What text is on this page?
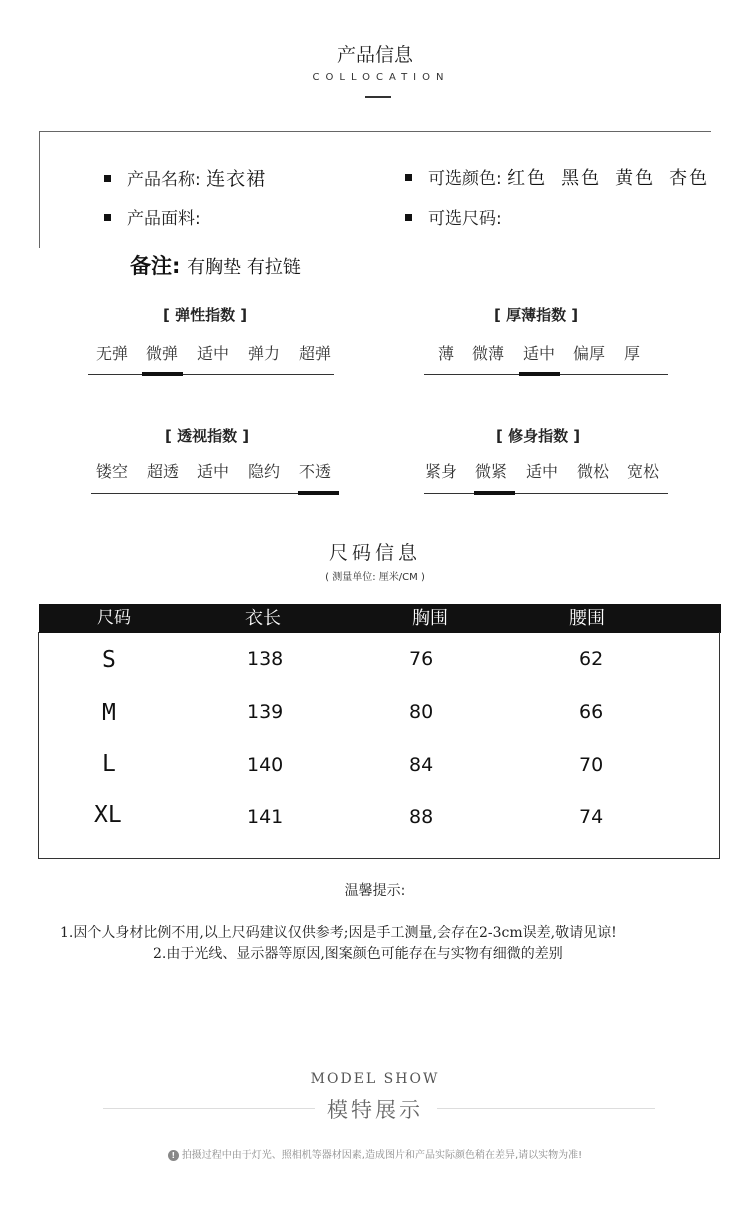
产品信息
COLLOCATION
产品名称: 连衣裙	可选颜色: 红色 黑色 黄色 杏色
产品面料:	可选尺码:
备注: 有胸垫 有拉链
[ 弹性指数 ]
无弹 微弹 适中 弹力 超弹
[ 厚薄指数 ]
薄 微薄 适中 偏厚 厚
[ 透视指数 ]
镂空 超透 适中 隐约 不透
[ 修身指数 ]
紧身 微紧 适中 微松 宽松
尺码信息
( 测量单位: 厘米/CM )
尺码	衣长	胸围	腰围
S	138	76	62
M	139	80	66
L	140	84	70
XL	141	88	74
温馨提示:
1.因个人身材比例不用,以上尺码建议仅供参考;因是手工测量,会存在2-3cm误差,敬请见谅!
2.由于光线、显示器等原因,图案颜色可能存在与实物有细微的差别
MODEL SHOW
模特展示
! 拍摄过程中由于灯光、照相机等器材因素,造成图片和产品实际颜色稍在差异,请以实物为准!
